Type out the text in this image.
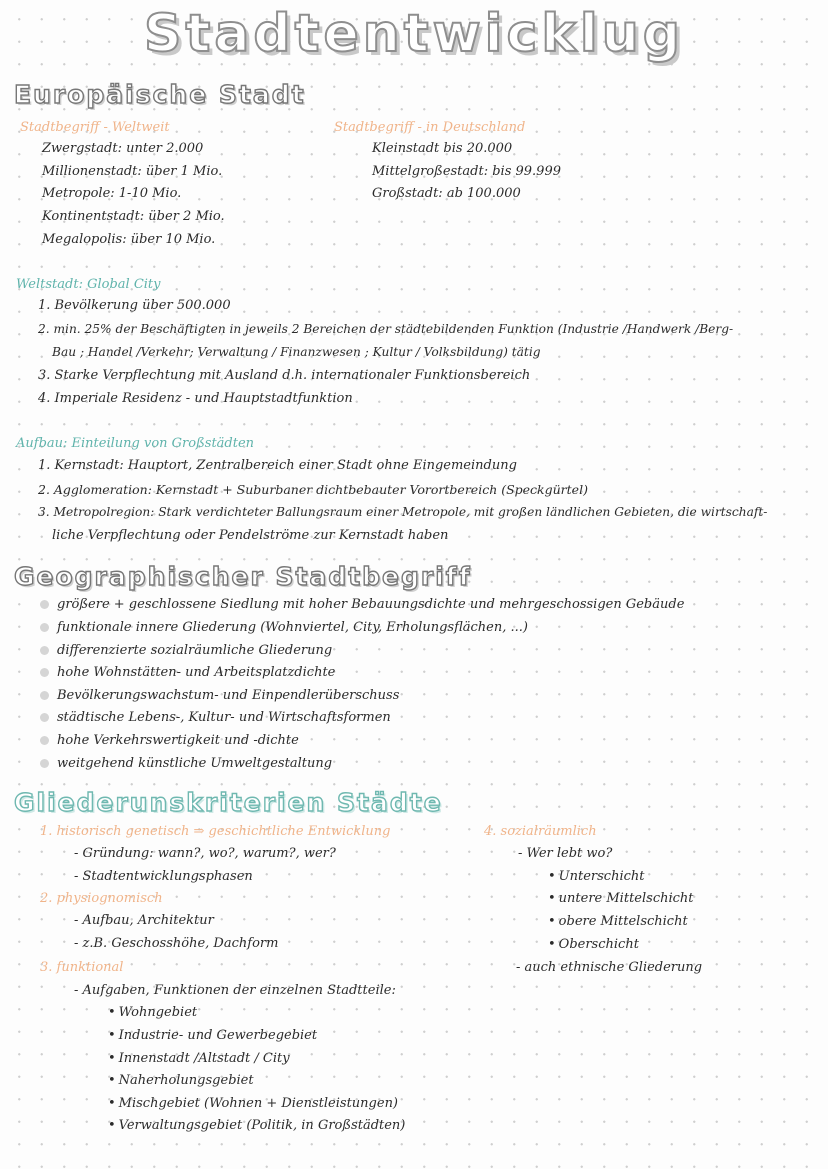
Stadtentwicklug
Europäische Stadt
Stadtbegriff - Weltweit
Zwergstadt: unter 2.000
Millionenstadt: über 1 Mio.
Metropole: 1-10 Mio.
Kontinentstadt: über 2 Mio.
Megalopolis: über 10 Mio.
Stadtbegriff - in Deutschland
Kleinstadt bis 20.000
Mittelgroßestadt: bis 99.999
Großstadt: ab 100.000
Weltstadt: Global City
1. Bevölkerung über 500.000
2. min. 25% der Beschäftigten in jeweils 2 Bereichen der städtebildenden Funktion (Industrie /Handwerk /Berg-
Bau ; Handel /Verkehr; Verwaltung / Finanzwesen ; Kultur / Volksbildung) tätig
3. Starke Verpflechtung mit Ausland d.h. internationaler Funktionsbereich
4. Imperiale Residenz - und Hauptstadtfunktion
Aufbau: Einteilung von Großstädten
1. Kernstadt: Hauptort, Zentralbereich einer Stadt ohne Eingemeindung
2. Agglomeration: Kernstadt + Suburbaner dichtbebauter Vorortbereich (Speckgürtel)
3. Metropolregion: Stark verdichteter Ballungsraum einer Metropole, mit großen ländlichen Gebieten, die wirtschaft-
liche Verpflechtung oder Pendelströme zur Kernstadt haben
Geographischer Stadtbegriff
größere + geschlossene Siedlung mit hoher Bebauungsdichte und mehrgeschossigen Gebäude
funktionale innere Gliederung (Wohnviertel, City, Erholungsflächen, ...)
differenzierte sozialräumliche Gliederung
hohe Wohnstätten- und Arbeitsplatzdichte
Bevölkerungswachstum- und Einpendlerüberschuss
städtische Lebens-, Kultur- und Wirtschaftsformen
hohe Verkehrswertigkeit und -dichte
weitgehend künstliche Umweltgestaltung
Gliederunskriterien Städte
1. historisch genetisch ⇒ geschichtliche Entwicklung
- Gründung: wann?, wo?, warum?, wer?
- Stadtentwicklungsphasen
2. physiognomisch
- Aufbau, Architektur
- z.B. Geschosshöhe, Dachform
3. funktional
- Aufgaben, Funktionen der einzelnen Stadtteile:
• Wohngebiet
• Industrie- und Gewerbegebiet
• Innenstadt /Altstadt / City
• Naherholungsgebiet
• Mischgebiet (Wohnen + Dienstleistungen)
• Verwaltungsgebiet (Politik, in Großstädten)
4. sozialräumlich
- Wer lebt wo?
• Unterschicht
• untere Mittelschicht
• obere Mittelschicht
• Oberschicht
- auch ethnische Gliederung
